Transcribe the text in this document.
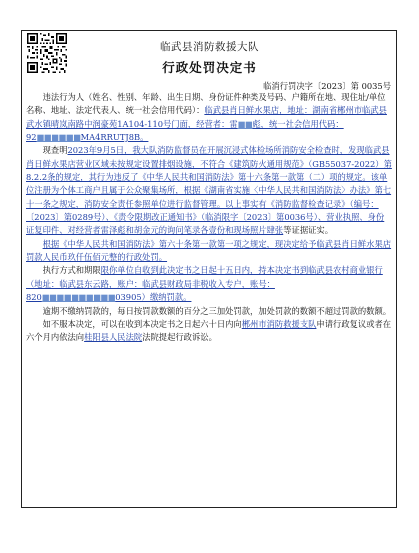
临武县消防救援大队
行政处罚决定书
临消行罚决字〔2023〕第 0035号

违法行为人（姓名、性别、年龄、出生日期、身份证件种类及号码、户籍所在地、现住址/单位名称、地址、法定代表人、统一社会信用代码）：临武县肖日鲜水果店，地址：湖南省郴州市临武县武水镇晴岚南路中润豪苑1A104-110号门面，经营者：雷■■彪，统一社会信用代码：92■■■■■■MA4RRUTJ8B。

现查明2023年9月5日，我大队消防监督员在开展沉浸式体检场所消防安全检查时，发现临武县肖日鲜水果店营业区域未按规定设置排烟设施，不符合《建筑防火通用规范》（GB55037-2022）第8.2.2条的规定，其行为违反了《中华人民共和国消防法》第十六条第一款第（二）项的规定。该单位注册为个体工商户且属于公众聚集场所，根据《湖南省实施〈中华人民共和国消防法〉办法》第七十一条之规定，消防安全责任参照单位进行监督管理。以上事实有《消防监督检查记录》（编号：〔2023〕第0289号）、《责令限期改正通知书》（临消限字〔2023〕第0036号）、营业执照、身份证复印件、对经营者雷泽彪和胡金元的询问笔录各壹份和现场照片肆张等证据证实。

根据《中华人民共和国消防法》第六十条第一款第一项之规定，现决定给予临武县肖日鲜水果店罚款人民币玖仟伍佰元整的行政处罚。

执行方式和期限限你单位自收到此决定书之日起十五日内，持本决定书到临武县农村商业银行（地址：临武县东云路，账户：临武县财政局非税收入专户，账号：820■■■■■■■■■■03905）缴纳罚款。

逾期不缴纳罚款的，每日按罚款数额的百分之三加处罚款，加处罚款的数额不超过罚款的数额。

如不服本决定，可以在收到本决定书之日起六十日内向郴州市消防救援支队申请行政复议或者在六个月内依法向桂阳县人民法院法院提起行政诉讼。
